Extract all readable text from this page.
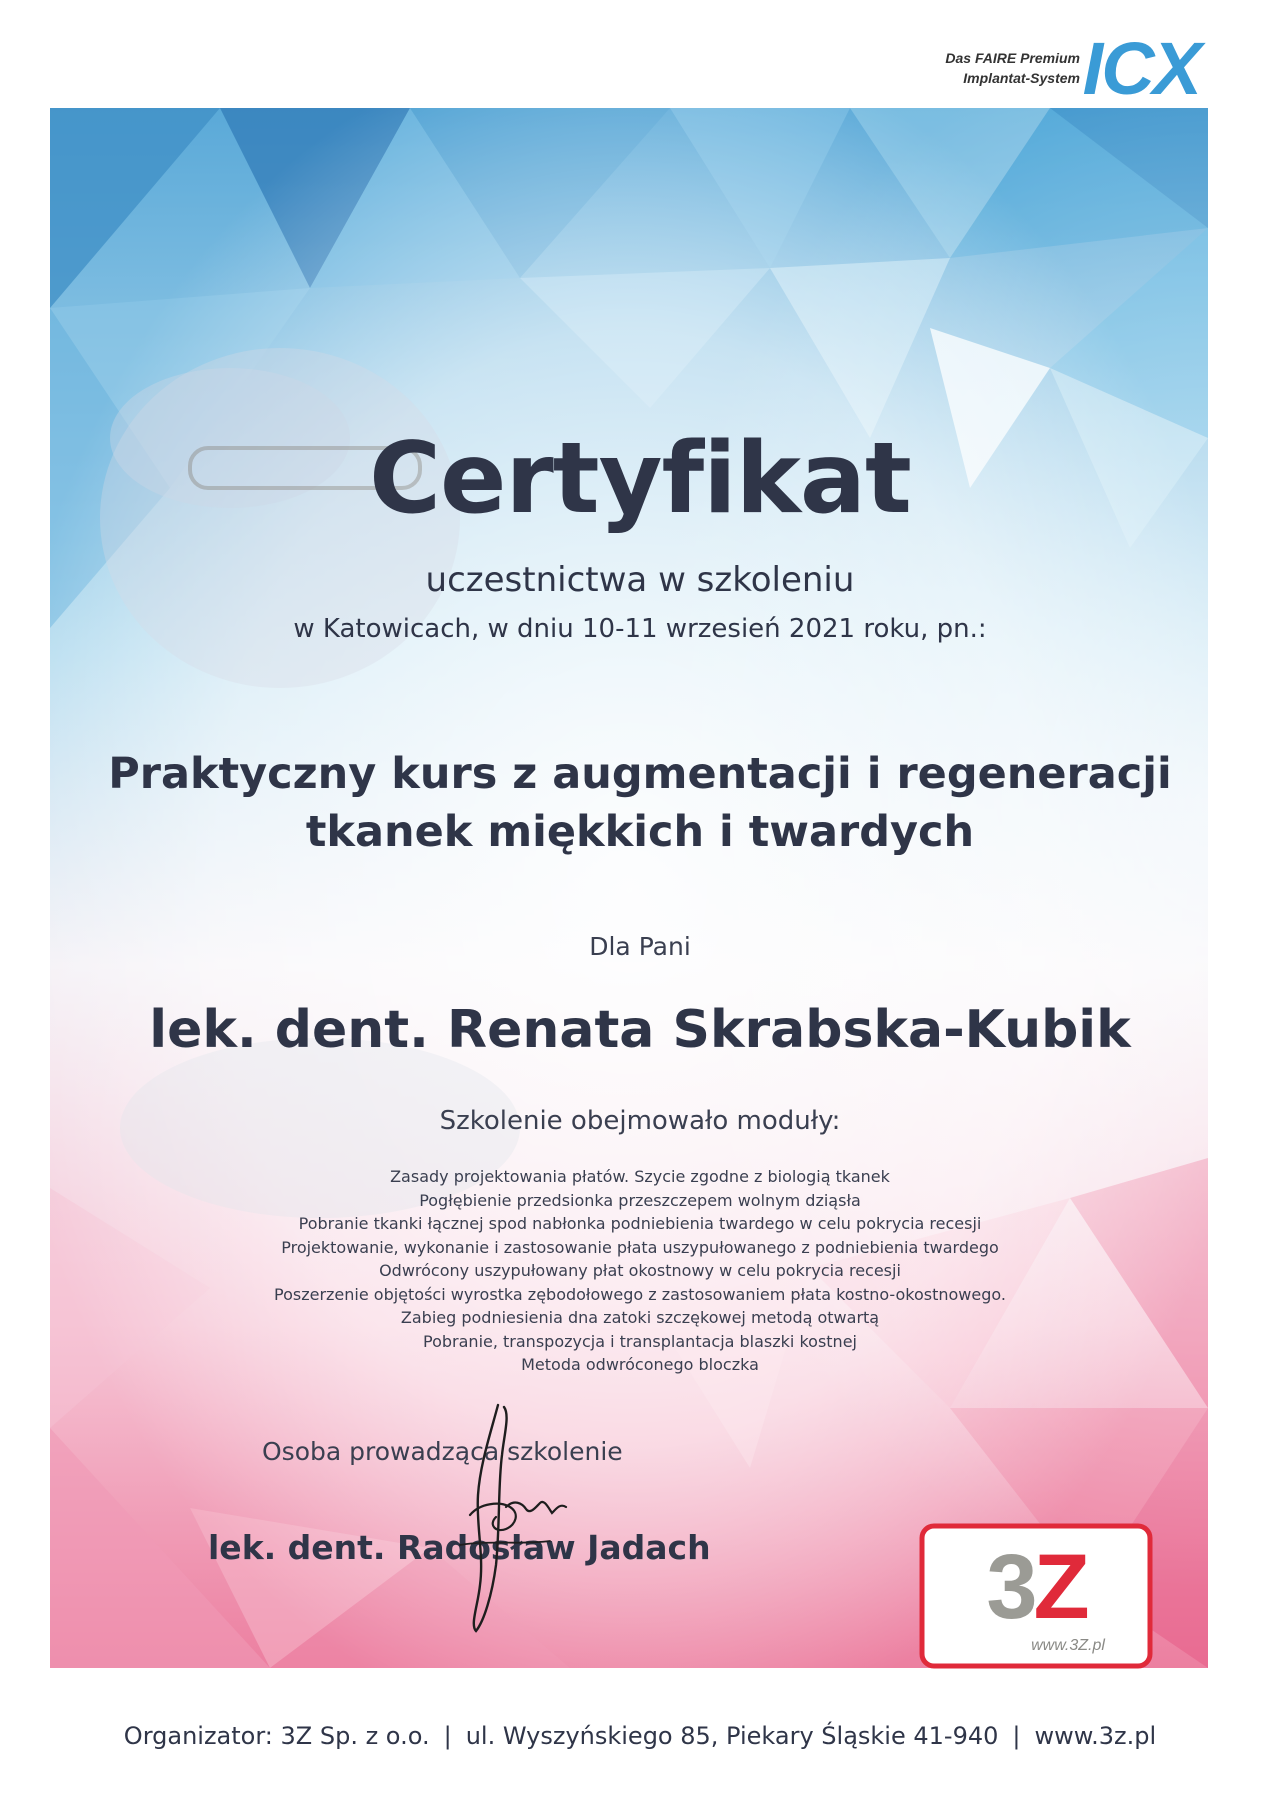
Das FAIRE Premium
Implantat-System ICX
Certyfikat
uczestnictwa w szkoleniu
w Katowicach, w dniu 10-11 wrzesień 2021 roku, pn.:
Praktyczny kurs z augmentacji i regeneracji
tkanek miękkich i twardych
Dla Pani
lek. dent. Renata Skrabska-Kubik
Szkolenie obejmowało moduły:
Zasady projektowania płatów. Szycie zgodne z biologią tkanek
Pogłębienie przedsionka przeszczepem wolnym dziąsła
Pobranie tkanki łącznej spod nabłonka podniebienia twardego w celu pokrycia recesji
Projektowanie, wykonanie i zastosowanie płata uszypułowanego z podniebienia twardego
Odwrócony uszypułowany płat okostnowy w celu pokrycia recesji
Poszerzenie objętości wyrostka zębodołowego z zastosowaniem płata kostno-okostnowego.
Zabieg podniesienia dna zatoki szczękowej metodą otwartą
Pobranie, transpozycja i transplantacja blaszki kostnej
Metoda odwróconego bloczka
Osoba prowadząca szkolenie
lek. dent. Radosław Jadach	3Z
www.3Z.pl
Organizator: 3Z Sp. z o.o. | ul. Wyszyńskiego 85, Piekary Śląskie 41-940 | www.3z.pl
